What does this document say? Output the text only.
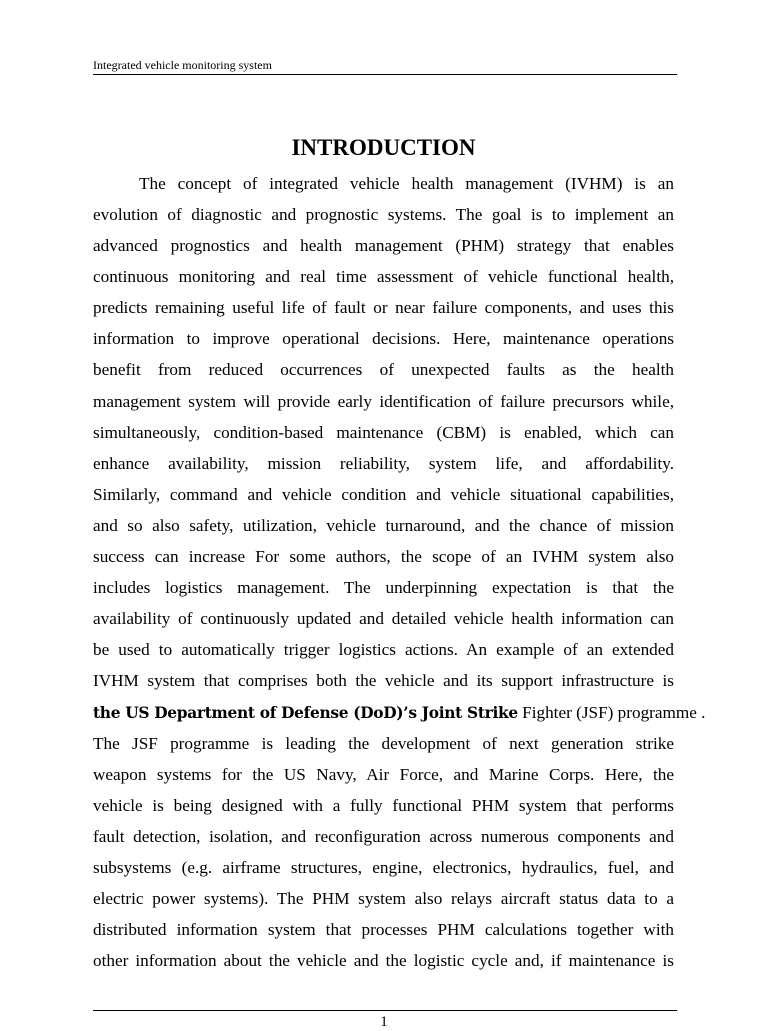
Integrated vehicle monitoring system
INTRODUCTION
The concept of integrated vehicle health management (IVHM) is an
evolution of diagnostic and prognostic systems. The goal is to implement an
advanced prognostics and health management (PHM) strategy that enables
continuous monitoring and real time assessment of vehicle functional health,
predicts remaining useful life of fault or near failure components, and uses this
information to improve operational decisions. Here, maintenance operations
benefit from reduced occurrences of unexpected faults as the health
management system will provide early identification of failure precursors while,
simultaneously, condition-based maintenance (CBM) is enabled, which can
enhance availability, mission reliability, system life, and affordability.
Similarly, command and vehicle condition and vehicle situational capabilities,
and so also safety, utilization, vehicle turnaround, and the chance of mission
success can increase For some authors, the scope of an IVHM system also
includes logistics management. The underpinning expectation is that the
availability of continuously updated and detailed vehicle health information can
be used to automatically trigger logistics actions. An example of an extended
IVHM system that comprises both the vehicle and its support infrastructure is
the US Department of Defense (DoD)’s Joint Strike Fighter (JSF) programme .
The JSF programme is leading the development of next generation strike
weapon systems for the US Navy, Air Force, and Marine Corps. Here, the
vehicle is being designed with a fully functional PHM system that performs
fault detection, isolation, and reconfiguration across numerous components and
subsystems (e.g. airframe structures, engine, electronics, hydraulics, fuel, and
electric power systems). The PHM system also relays aircraft status data to a
distributed information system that processes PHM calculations together with
other information about the vehicle and the logistic cycle and, if maintenance is
1
